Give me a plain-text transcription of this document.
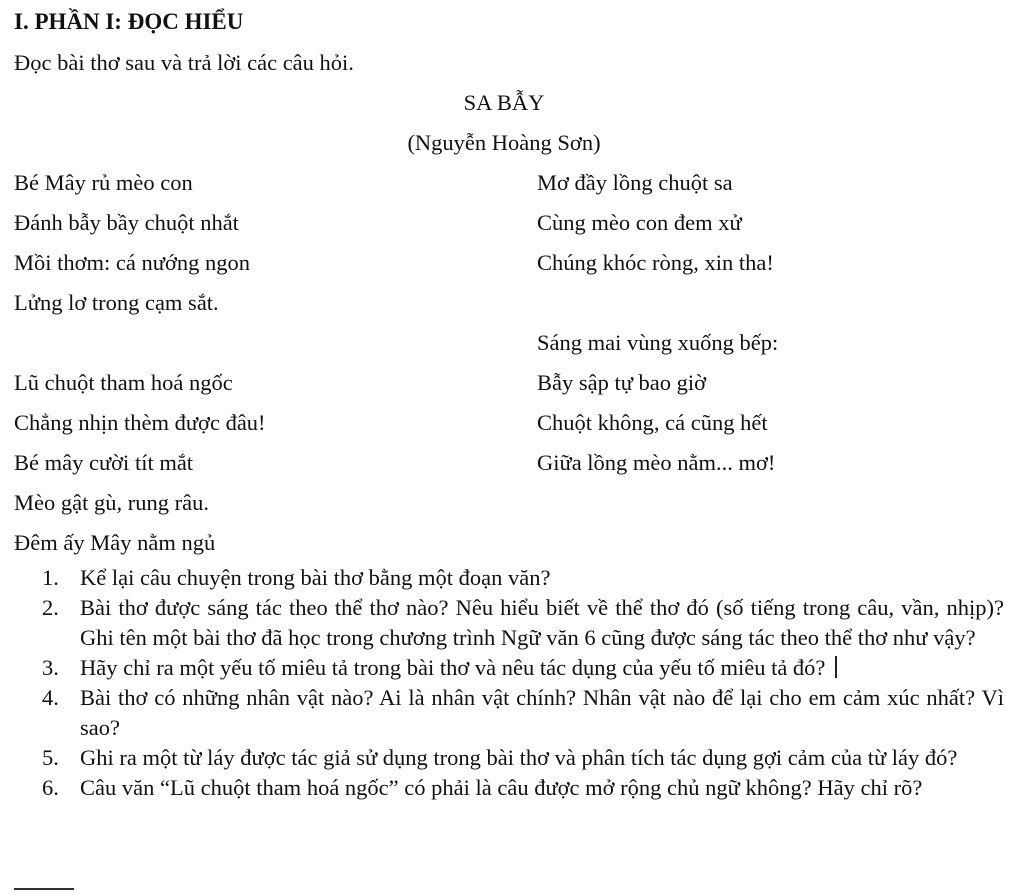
I. PHẦN I: ĐỌC HIỂU
Đọc bài thơ sau và trả lời các câu hỏi.
SA BẪY
(Nguyễn Hoàng Sơn)
Bé Mây rủ mèo con
Đánh bẫy bầy chuột nhắt
Mồi thơm: cá nướng ngon
Lửng lơ trong cạm sắt.
Lũ chuột tham hoá ngốc
Chẳng nhịn thèm được đâu!
Bé mây cười tít mắt
Mèo gật gù, rung râu.
Đêm ấy Mây nằm ngủ
Mơ đầy lồng chuột sa
Cùng mèo con đem xử
Chúng khóc ròng, xin tha!
Sáng mai vùng xuống bếp:
Bẫy sập tự bao giờ
Chuột không, cá cũng hết
Giữa lồng mèo nằm... mơ!
1. Kể lại câu chuyện trong bài thơ bằng một đoạn văn?
2. Bài thơ được sáng tác theo thể thơ nào? Nêu hiểu biết về thể thơ đó (số tiếng trong câu, vần, nhịp)? Ghi tên một bài thơ đã học trong chương trình Ngữ văn 6 cũng được sáng tác theo thể thơ như vậy?
3. Hãy chỉ ra một yếu tố miêu tả trong bài thơ và nêu tác dụng của yếu tố miêu tả đó?
4. Bài thơ có những nhân vật nào? Ai là nhân vật chính? Nhân vật nào để lại cho em cảm xúc nhất? Vì sao?
5. Ghi ra một từ láy được tác giả sử dụng trong bài thơ và phân tích tác dụng gợi cảm của từ láy đó?
6. Câu văn “Lũ chuột tham hoá ngốc” có phải là câu được mở rộng chủ ngữ không? Hãy chỉ rõ?
